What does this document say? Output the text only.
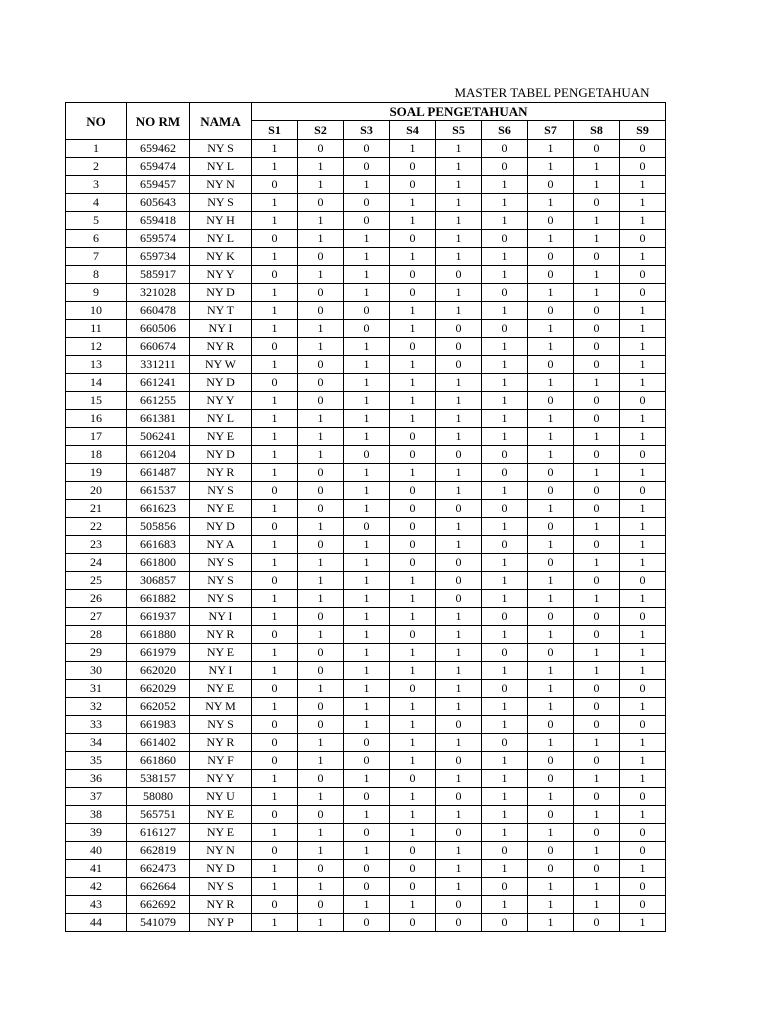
MASTER TABEL PENGETAHUAN
NO	NO RM	NAMA	SOAL PENGETAHUAN								
			S1	S2	S3	S4	S5	S6	S7	S8	S9
1	659462	NY S	1	0	0	1	1	0	1	0	0
2	659474	NY L	1	1	0	0	1	0	1	1	0
3	659457	NY N	0	1	1	0	1	1	0	1	1
4	605643	NY S	1	0	0	1	1	1	1	0	1
5	659418	NY H	1	1	0	1	1	1	0	1	1
6	659574	NY L	0	1	1	0	1	0	1	1	0
7	659734	NY K	1	0	1	1	1	1	0	0	1
8	585917	NY Y	0	1	1	0	0	1	0	1	0
9	321028	NY D	1	0	1	0	1	0	1	1	0
10	660478	NY T	1	0	0	1	1	1	0	0	1
11	660506	NY I	1	1	0	1	0	0	1	0	1
12	660674	NY R	0	1	1	0	0	1	1	0	1
13	331211	NY W	1	0	1	1	0	1	0	0	1
14	661241	NY D	0	0	1	1	1	1	1	1	1
15	661255	NY Y	1	0	1	1	1	1	0	0	0
16	661381	NY L	1	1	1	1	1	1	1	0	1
17	506241	NY E	1	1	1	0	1	1	1	1	1
18	661204	NY D	1	1	0	0	0	0	1	0	0
19	661487	NY R	1	0	1	1	1	0	0	1	1
20	661537	NY S	0	0	1	0	1	1	0	0	0
21	661623	NY E	1	0	1	0	0	0	1	0	1
22	505856	NY D	0	1	0	0	1	1	0	1	1
23	661683	NY A	1	0	1	0	1	0	1	0	1
24	661800	NY S	1	1	1	0	0	1	0	1	1
25	306857	NY S	0	1	1	1	0	1	1	0	0
26	661882	NY S	1	1	1	1	0	1	1	1	1
27	661937	NY I	1	0	1	1	1	0	0	0	0
28	661880	NY R	0	1	1	0	1	1	1	0	1
29	661979	NY E	1	0	1	1	1	0	0	1	1
30	662020	NY I	1	0	1	1	1	1	1	1	1
31	662029	NY E	0	1	1	0	1	0	1	0	0
32	662052	NY M	1	0	1	1	1	1	1	0	1
33	661983	NY S	0	0	1	1	0	1	0	0	0
34	661402	NY R	0	1	0	1	1	0	1	1	1
35	661860	NY F	0	1	0	1	0	1	0	0	1
36	538157	NY Y	1	0	1	0	1	1	0	1	1
37	58080	NY U	1	1	0	1	0	1	1	0	0
38	565751	NY E	0	0	1	1	1	1	0	1	1
39	616127	NY E	1	1	0	1	0	1	1	0	0
40	662819	NY N	0	1	1	0	1	0	0	1	0
41	662473	NY D	1	0	0	0	1	1	0	0	1
42	662664	NY S	1	1	0	0	1	0	1	1	0
43	662692	NY R	0	0	1	1	0	1	1	1	0
44	541079	NY P	1	1	0	0	0	0	1	0	1
